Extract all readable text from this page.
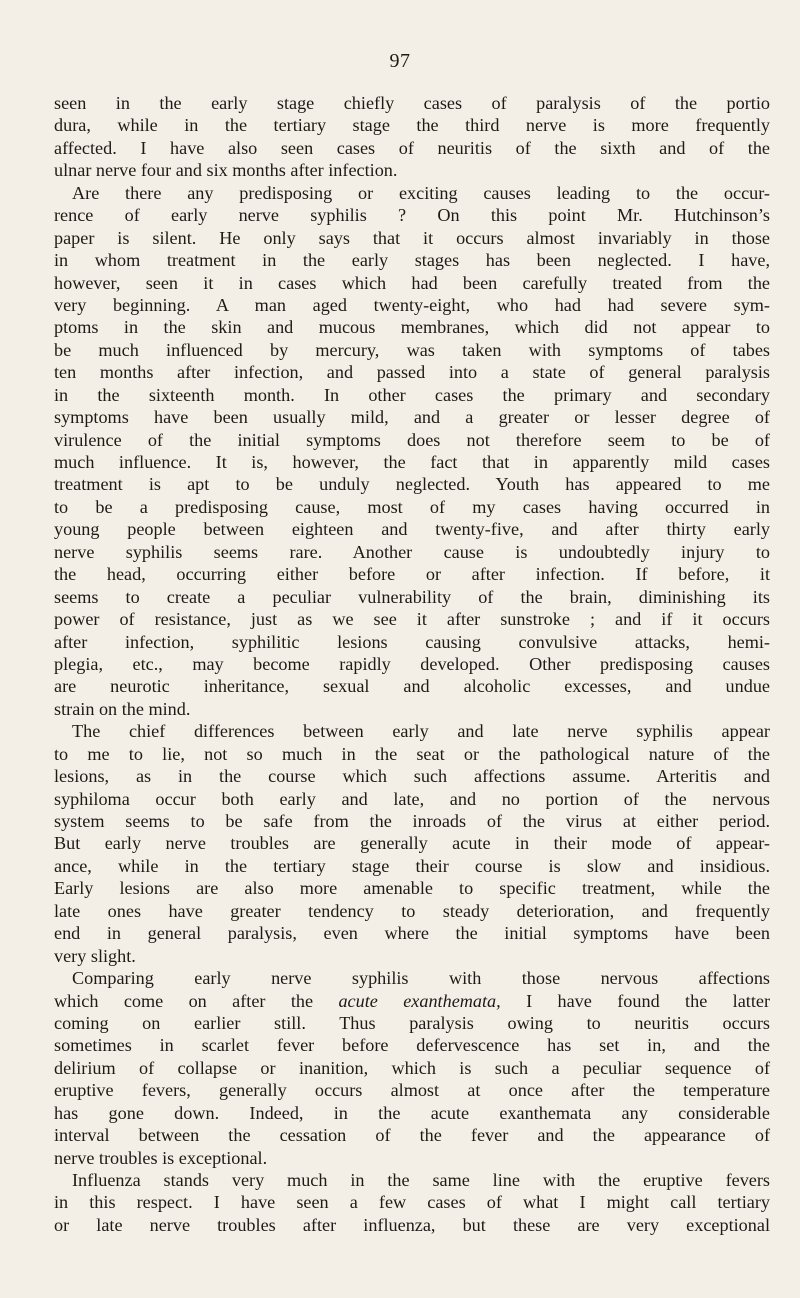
97
seen in the early stage chiefly cases of paralysis of the portio
dura, while in the tertiary stage the third nerve is more frequently
affected. I have also seen cases of neuritis of the sixth and of the
ulnar nerve four and six months after infection.
Are there any predisposing or exciting causes leading to the occur-
rence of early nerve syphilis ? On this point Mr. Hutchinson’s
paper is silent. He only says that it occurs almost invariably in those
in whom treatment in the early stages has been neglected. I have,
however, seen it in cases which had been carefully treated from the
very beginning. A man aged twenty-eight, who had had severe sym-
ptoms in the skin and mucous membranes, which did not appear to
be much influenced by mercury, was taken with symptoms of tabes
ten months after infection, and passed into a state of general paralysis
in the sixteenth month. In other cases the primary and secondary
symptoms have been usually mild, and a greater or lesser degree of
virulence of the initial symptoms does not therefore seem to be of
much influence. It is, however, the fact that in apparently mild cases
treatment is apt to be unduly neglected. Youth has appeared to me
to be a predisposing cause, most of my cases having occurred in
young people between eighteen and twenty-five, and after thirty early
nerve syphilis seems rare. Another cause is undoubtedly injury to
the head, occurring either before or after infection. If before, it
seems to create a peculiar vulnerability of the brain, diminishing its
power of resistance, just as we see it after sunstroke ; and if it occurs
after infection, syphilitic lesions causing convulsive attacks, hemi-
plegia, etc., may become rapidly developed. Other predisposing causes
are neurotic inheritance, sexual and alcoholic excesses, and undue
strain on the mind.
The chief differences between early and late nerve syphilis appear
to me to lie, not so much in the seat or the pathological nature of the
lesions, as in the course which such affections assume. Arteritis and
syphiloma occur both early and late, and no portion of the nervous
system seems to be safe from the inroads of the virus at either period.
But early nerve troubles are generally acute in their mode of appear-
ance, while in the tertiary stage their course is slow and insidious.
Early lesions are also more amenable to specific treatment, while the
late ones have greater tendency to steady deterioration, and frequently
end in general paralysis, even where the initial symptoms have been
very slight.
Comparing early nerve syphilis with those nervous affections
which come on after the acute exanthemata, I have found the latter
coming on earlier still. Thus paralysis owing to neuritis occurs
sometimes in scarlet fever before defervescence has set in, and the
delirium of collapse or inanition, which is such a peculiar sequence of
eruptive fevers, generally occurs almost at once after the temperature
has gone down. Indeed, in the acute exanthemata any considerable
interval between the cessation of the fever and the appearance of
nerve troubles is exceptional.
Influenza stands very much in the same line with the eruptive fevers
in this respect. I have seen a few cases of what I might call tertiary
or late nerve troubles after influenza, but these are very exceptional
